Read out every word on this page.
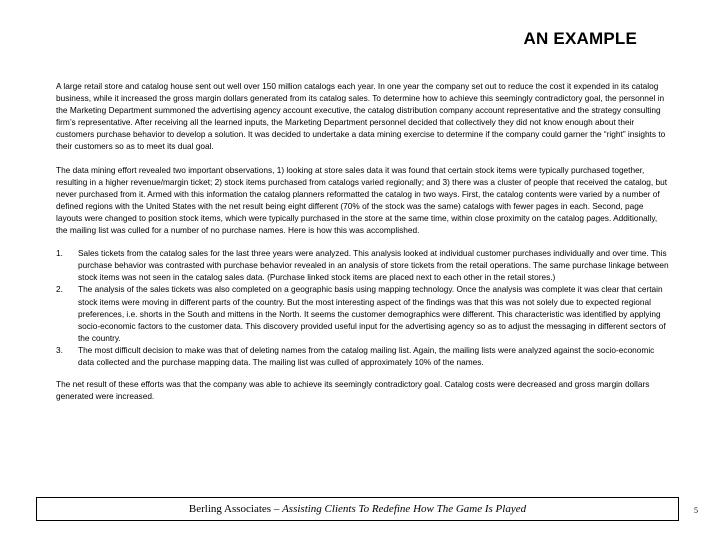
AN EXAMPLE

A large retail store and catalog house sent out well over 150 million catalogs each year. In one year the company set out to reduce the cost it expended in its catalog business, while it increased the gross margin dollars generated from its catalog sales. To determine how to achieve this seemingly contradictory goal, the personnel in the Marketing Department summoned the advertising agency account executive, the catalog distribution company account representative and the strategy consulting firm’s representative. After receiving all the learned inputs, the Marketing Department personnel decided that collectively they did not know enough about their customers purchase behavior to develop a solution. It was decided to undertake a data mining exercise to determine if the company could garner the “right” insights to their customers so as to meet its dual goal.

The data mining effort revealed two important observations, 1) looking at store sales data it was found that certain stock items were typically purchased together, resulting in a higher revenue/margin ticket; 2) stock items purchased from catalogs varied regionally; and 3) there was a cluster of people that received the catalog, but never purchased from it. Armed with this information the catalog planners reformatted the catalog in two ways. First, the catalog contents were varied by a number of defined regions with the United States with the net result being eight different (70% of the stock was the same) catalogs with fewer pages in each. Second, page layouts were changed to position stock items, which were typically purchased in the store at the same time, within close proximity on the catalog pages. Additionally, the mailing list was culled for a number of no purchase names. Here is how this was accomplished.

1.	Sales tickets from the catalog sales for the last three years were analyzed. This analysis looked at individual customer purchases individually and over time. This purchase behavior was contrasted with purchase behavior revealed in an analysis of store tickets from the retail operations. The same purchase linkage between stock items was not seen in the catalog sales data. (Purchase linked stock items are placed next to each other in the retail stores.)
2.	The analysis of the sales tickets was also completed on a geographic basis using mapping technology. Once the analysis was complete it was clear that certain stock items were moving in different parts of the country. But the most interesting aspect of the findings was that this was not solely due to expected regional preferences, i.e. shorts in the South and mittens in the North. It seems the customer demographics were different. This characteristic was identified by applying socio-economic factors to the customer data. This discovery provided useful input for the advertising agency so as to adjust the messaging in different sectors of the country.
3.	The most difficult decision to make was that of deleting names from the catalog mailing list. Again, the mailing lists were analyzed against the socio-economic data collected and the purchase mapping data. The mailing list was culled of approximately 10% of the names.

The net result of these efforts was that the company was able to achieve its seemingly contradictory goal. Catalog costs were decreased and gross margin dollars generated were increased.

Berling Associates – Assisting Clients To Redefine How The Game Is Played	5
